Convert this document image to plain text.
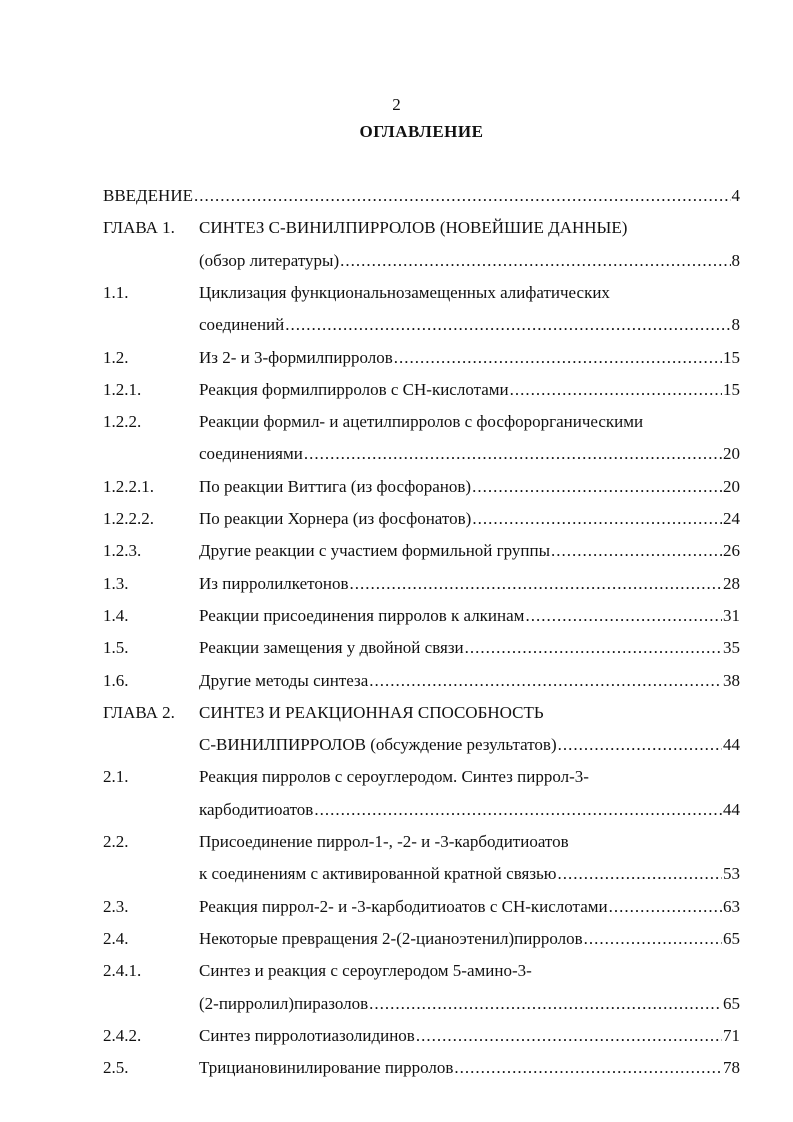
2
ОГЛАВЛЕНИЕ
ВВЕДЕНИЕ .....	4
ГЛАВА 1. СИНТЕЗ С-ВИНИЛПИРРОЛОВ (НОВЕЙШИЕ ДАННЫЕ)
(обзор литературы) .....	8
1.1.	Циклизация функциональнозамещенных алифатических
соединений .....	8
1.2.	Из 2- и 3-формилпирролов .....	15
1.2.1.	Реакция формилпирролов с СН-кислотами .....	15
1.2.2.	Реакции формил- и ацетилпирролов с фосфорорганическими
соединениями .....	20
1.2.2.1.	По реакции Виттига (из фосфоранов) .....	20
1.2.2.2.	По реакции Хорнера (из фосфонатов) .....	24
1.2.3.	Другие реакции с участием формильной группы .....	26
1.3.	Из пирролилкетонов .....	28
1.4.	Реакции присоединения пирролов к алкинам .....	31
1.5.	Реакции замещения у двойной связи .....	35
1.6.	Другие методы синтеза .....	38
ГЛАВА 2. СИНТЕЗ И РЕАКЦИОННАЯ СПОСОБНОСТЬ
С-ВИНИЛПИРРОЛОВ (обсуждение результатов) .....	44
2.1.	Реакция пирролов с сероуглеродом. Синтез пиррол-3-
карбодитиоатов .....	44
2.2.	Присоединение пиррол-1-, -2- и -3-карбодитиоатов
к соединениям с активированной кратной связью .....	53
2.3.	Реакция пиррол-2- и -3-карбодитиоатов с СН-кислотами .....	63
2.4.	Некоторые превращения 2-(2-цианоэтенил)пирролов .....	65
2.4.1.	Синтез и реакция с сероуглеродом 5-амино-3-
(2-пирролил)пиразолов .....	65
2.4.2.	Синтез пирролотиазолидинов .....	71
2.5.	Трициановинилирование пирролов .....	78
